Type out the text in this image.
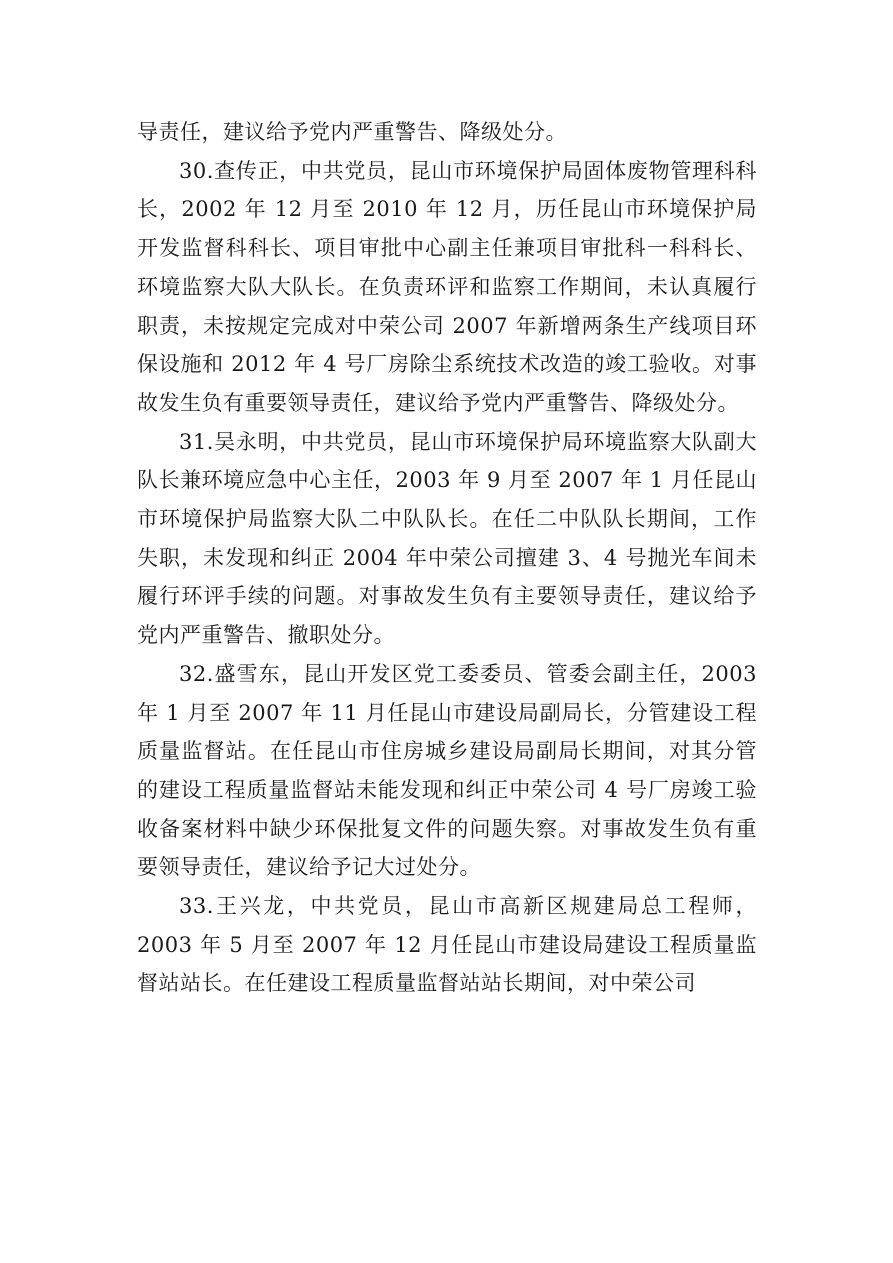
导责任，建议给予党内严重警告、降级处分。

30.查传正，中共党员，昆山市环境保护局固体废物管理科科长，2002 年 12 月至 2010 年 12 月，历任昆山市环境保护局开发监督科科长、项目审批中心副主任兼项目审批科一科科长、环境监察大队大队长。在负责环评和监察工作期间，未认真履行职责，未按规定完成对中荣公司 2007 年新增两条生产线项目环保设施和 2012 年 4 号厂房除尘系统技术改造的竣工验收。对事故发生负有重要领导责任，建议给予党内严重警告、降级处分。

31.吴永明，中共党员，昆山市环境保护局环境监察大队副大队长兼环境应急中心主任，2003 年 9 月至 2007 年 1 月任昆山市环境保护局监察大队二中队队长。在任二中队队长期间，工作失职，未发现和纠正 2004 年中荣公司擅建 3、4 号抛光车间未履行环评手续的问题。对事故发生负有主要领导责任，建议给予党内严重警告、撤职处分。

32.盛雪东，昆山开发区党工委委员、管委会副主任，2003 年 1 月至 2007 年 11 月任昆山市建设局副局长，分管建设工程质量监督站。在任昆山市住房城乡建设局副局长期间，对其分管的建设工程质量监督站未能发现和纠正中荣公司 4 号厂房竣工验收备案材料中缺少环保批复文件的问题失察。对事故发生负有重要领导责任，建议给予记大过处分。

33.王兴龙，中共党员，昆山市高新区规建局总工程师，2003 年 5 月至 2007 年 12 月任昆山市建设局建设工程质量监督站站长。在任建设工程质量监督站站长期间，对中荣公司
